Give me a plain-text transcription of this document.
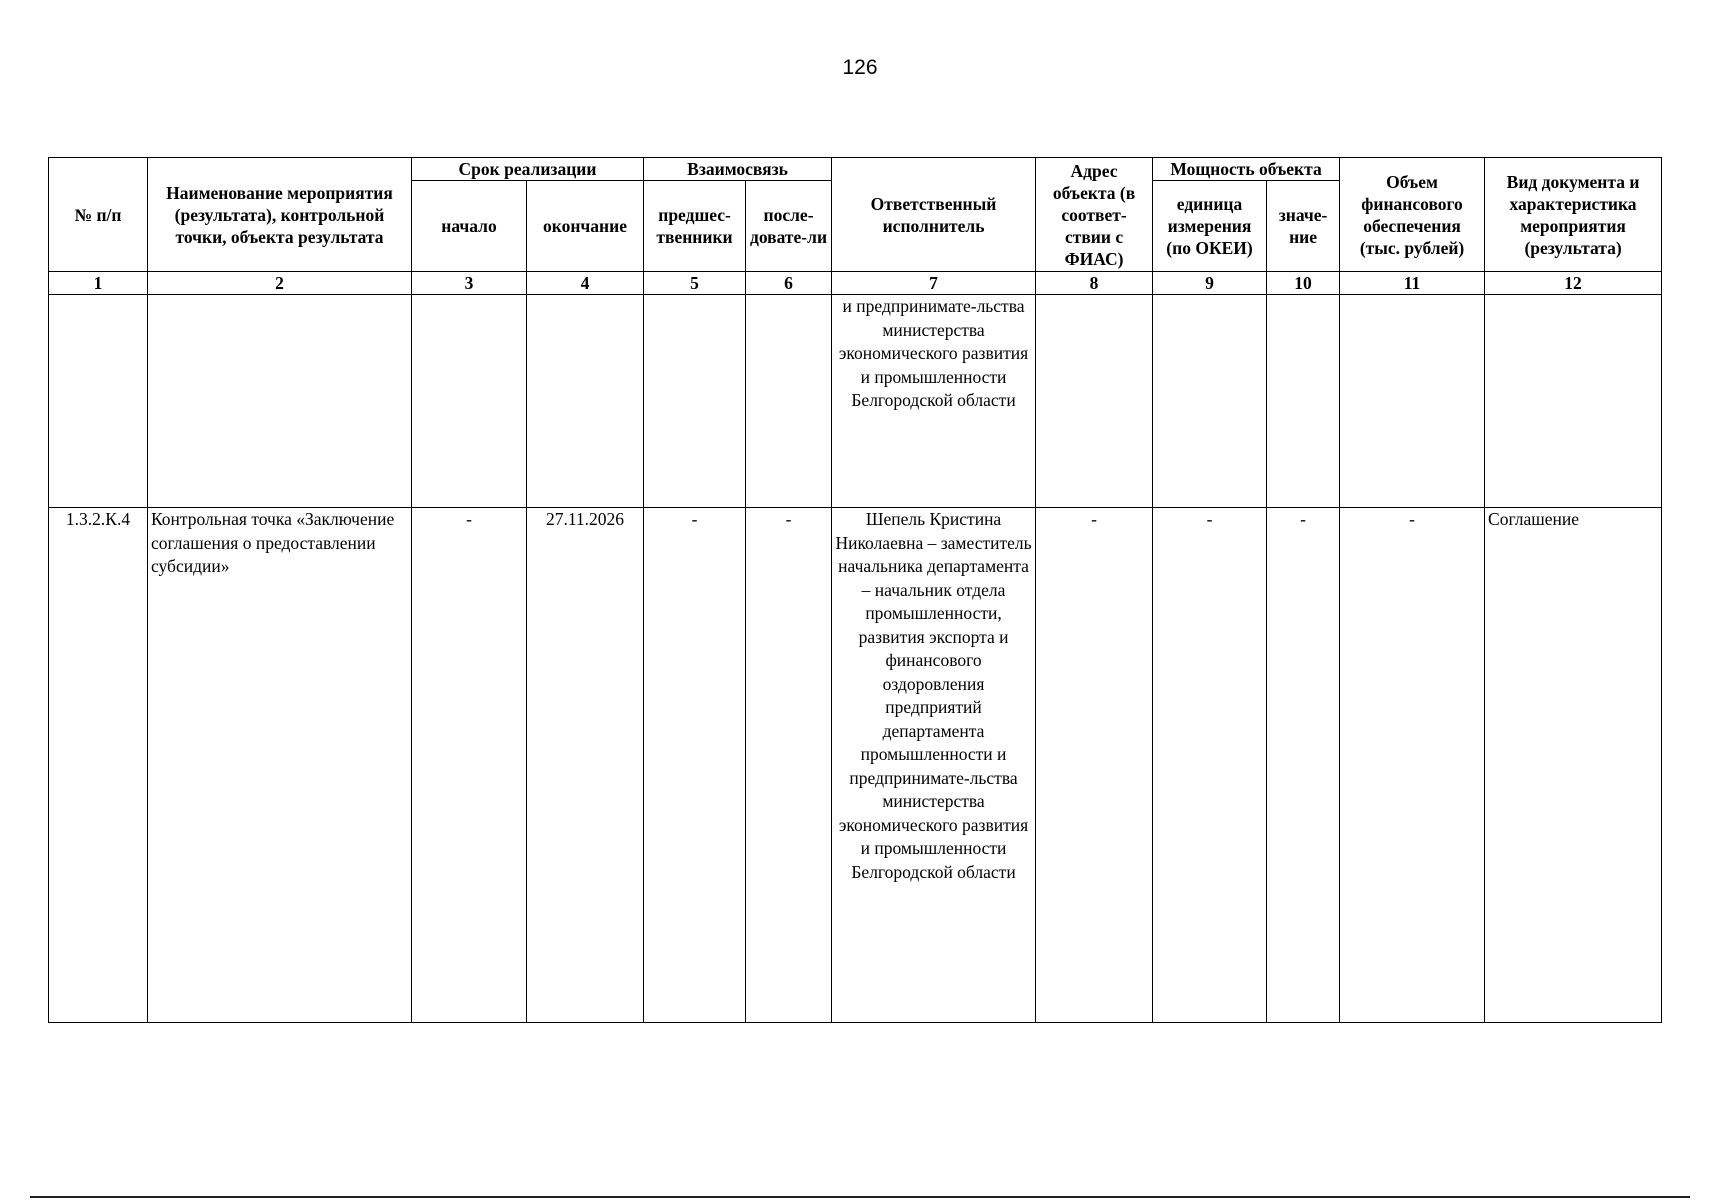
126
№ п/п	Наименование мероприятия (результата), контрольной точки, объекта результата	Срок реализации		Взаимосвязь		Ответственный исполнитель	Адрес объекта (в соответ-ствии с ФИАС)	Мощность объекта		Объем финансового обеспечения (тыс. рублей)	Вид документа и характеристика мероприятия (результата)
		начало	окончание	предшес-твенники	после-довате-ли			единица измерения (по ОКЕИ)	значе-ние		
1	2	3	4	5	6	7	8	9	10	11	12
						и предпринимате-льства министерства экономического развития и промышленности Белгородской области					
1.3.2.К.4	Контрольная точка «Заключение соглашения о предоставлении субсидии»	-	27.11.2026	-	-	Шепель Кристина Николаевна – заместитель начальника департамента – начальник отдела промышленности, развития экспорта и финансового оздоровления предприятий департамента промышленности и предпринимате-льства министерства экономического развития и промышленности Белгородской области	-	-	-	-	Соглашение
